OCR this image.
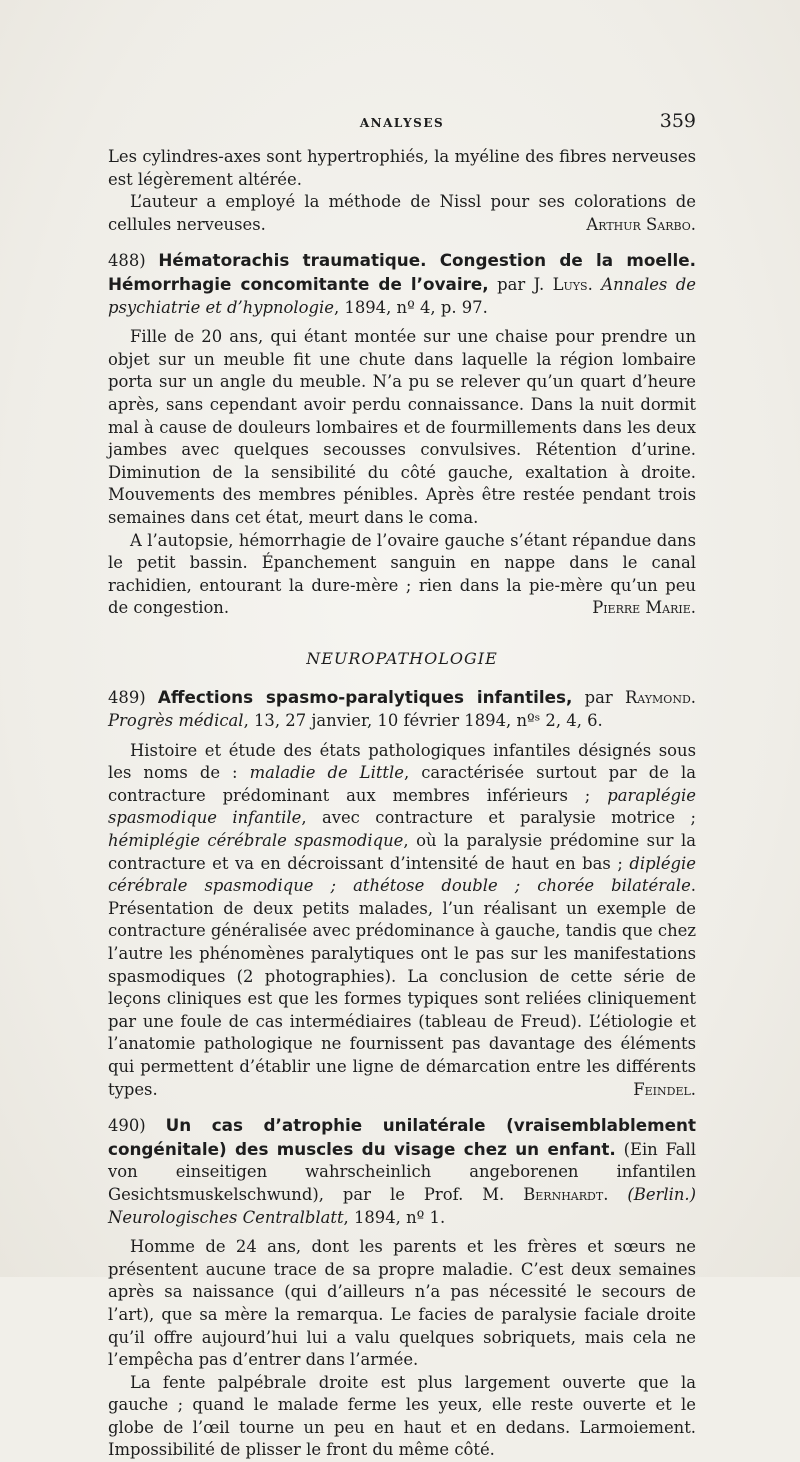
ANALYSES	359

Les cylindres-axes sont hypertrophiés, la myéline des fibres nerveuses est légèrement altérée.

L’auteur a employé la méthode de Nissl pour ses colorations de cellules nerveuses.	Arthur Sarbo.

488) Hématorachis traumatique. Congestion de la moelle. Hémorrhagie concomitante de l’ovaire, par J. Luys. Annales de psychiatrie et d’hypnologie, 1894, nº 4, p. 97.

Fille de 20 ans, qui étant montée sur une chaise pour prendre un objet sur un meuble fit une chute dans laquelle la région lombaire porta sur un angle du meuble. N’a pu se relever qu’un quart d’heure après, sans cependant avoir perdu connaissance. Dans la nuit dormit mal à cause de douleurs lombaires et de fourmillements dans les deux jambes avec quelques secousses convulsives. Rétention d’urine. Diminution de la sensibilité du côté gauche, exaltation à droite. Mouvements des membres pénibles. Après être restée pendant trois semaines dans cet état, meurt dans le coma.

A l’autopsie, hémorrhagie de l’ovaire gauche s’étant répandue dans le petit bassin. Épanchement sanguin en nappe dans le canal rachidien, entourant la dure-mère ; rien dans la pie-mère qu’un peu de congestion.	Pierre Marie.

NEUROPATHOLOGIE

489) Affections spasmo-paralytiques infantiles, par Raymond. Progrès médical, 13, 27 janvier, 10 février 1894, nºˢ 2, 4, 6.

Histoire et étude des états pathologiques infantiles désignés sous les noms de : maladie de Little, caractérisée surtout par de la contracture prédominant aux membres inférieurs ; paraplégie spasmodique infantile, avec contracture et paralysie motrice ; hémiplégie cérébrale spasmodique, où la paralysie prédomine sur la contracture et va en décroissant d’intensité de haut en bas ; diplégie cérébrale spasmodique ; athétose double ; chorée bilatérale. Présentation de deux petits malades, l’un réalisant un exemple de contracture généralisée avec prédominance à gauche, tandis que chez l’autre les phénomènes paralytiques ont le pas sur les manifestations spasmodiques (2 photographies). La conclusion de cette série de leçons cliniques est que les formes typiques sont reliées cliniquement par une foule de cas intermédiaires (tableau de Freud). L’étiologie et l’anatomie pathologique ne fournissent pas davantage des éléments qui permettent d’établir une ligne de démarcation entre les différents types.	Feindel.

490) Un cas d’atrophie unilatérale (vraisemblablement congénitale) des muscles du visage chez un enfant. (Ein Fall von einseitigen wahrscheinlich angeborenen infantilen Gesichtsmuskelschwund), par le Prof. M. Bernhardt. (Berlin.) Neurologisches Centralblatt, 1894, nº 1.

Homme de 24 ans, dont les parents et les frères et sœurs ne présentent aucune trace de sa propre maladie. C’est deux semaines après sa naissance (qui d’ailleurs n’a pas nécessité le secours de l’art), que sa mère la remarqua. Le facies de paralysie faciale droite qu’il offre aujourd’hui lui a valu quelques sobriquets, mais cela ne l’empêcha pas d’entrer dans l’armée.

La fente palpébrale droite est plus largement ouverte que la gauche ; quand le malade ferme les yeux, elle reste ouverte et le globe de l’œil tourne un peu en haut et en dedans. Larmoiement. Impossibilité de plisser le front du même côté.
